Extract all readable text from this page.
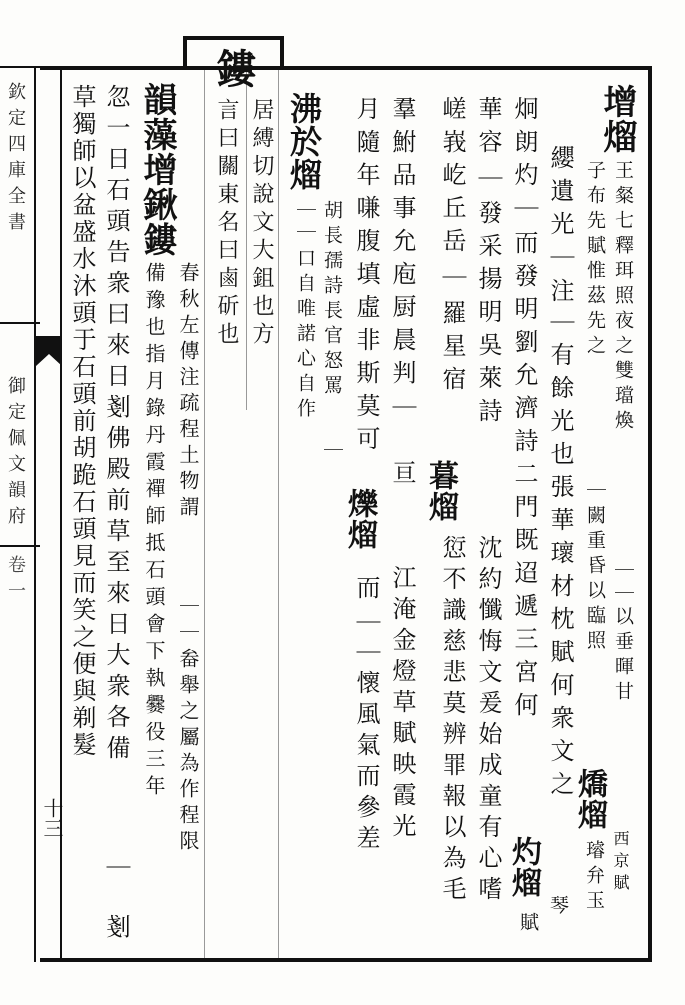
欽定四庫全書
御定佩文韻府
卷一
十三
增熘
王粲七釋珥照夜之雙璫煥
｜
｜
以垂暉甘
子布先賦惟茲先之
｜
闕重昏以臨照
燆熘
西京賦
璿弁玉
纓遺光
｜
注
｜
有餘光也張華瓌材枕賦何衆文之
炯朗灼
｜
而發明劉允濟詩二門既迢遞三宮何
灼熘
琴
賦
華容
｜
發采揚明吳萊詩
沈約懺悔文爰始成童有心嗜
嵯峩屹丘岳
｜
羅星宿
暮熘
愆不識慈悲莫辨罪報以為毛
羣鮒品事允庖厨晨判
｜
亘
江淹金燈草賦映霞光
月隨年嗛腹填虛非斯莫可
爍熘
而
｜
｜
懷風氣而參差
沸於熘
胡長孺詩長官怒罵
｜
｜
｜
口自唯諾心自作
鏤
居縛切說文大鉏也方
言曰關東名曰鹵斫也
韻藻增鍬鏤
春秋左傳注疏程土物謂
｜
｜
畚舉之屬為作程限
備豫也指月錄丹霞禪師抵石頭會下執爨役三年
忽一日石頭告衆曰來日剗佛殿前草至來日大衆各備
｜
剗
草獨師以盆盛水沐頭于石頭前胡跪石頭見而笑之便與剃髮
